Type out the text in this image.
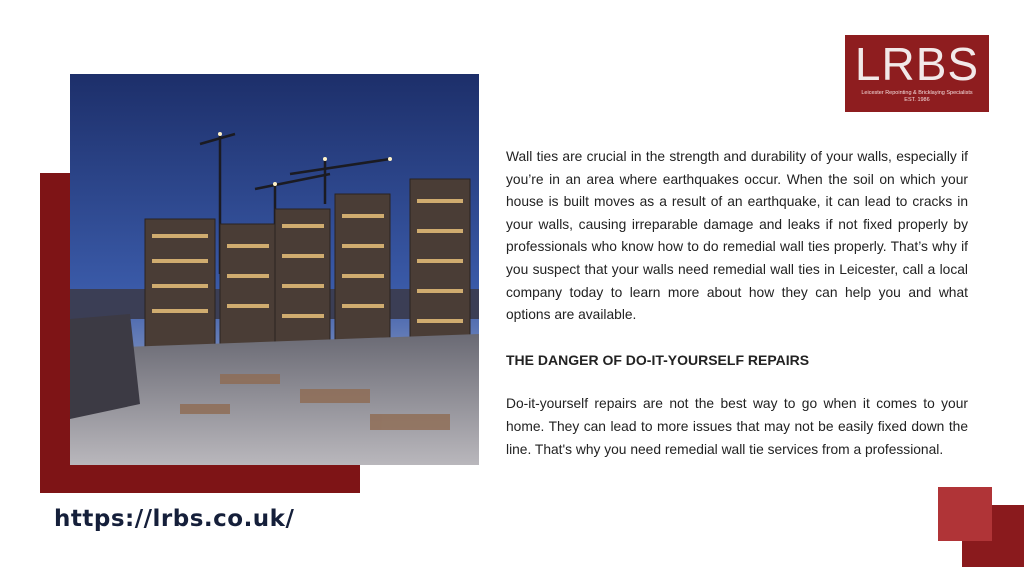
LRBS
Leicester Repointing & Bricklaying Specialists
EST. 1986

Wall ties are crucial in the strength and durability of your walls, especially if you’re in an area where earthquakes occur. When the soil on which your house is built moves as a result of an earthquake, it can lead to cracks in your walls, causing irreparable damage and leaks if not fixed properly by professionals who know how to do remedial wall ties properly. That’s why if you suspect that your walls need remedial wall ties in Leicester, call a local company today to learn more about how they can help you and what options are available.

THE DANGER OF DO-IT-YOURSELF REPAIRS

Do-it-yourself repairs are not the best way to go when it comes to your home. They can lead to more issues that may not be easily fixed down the line. That's why you need remedial wall tie services from a professional.

https://lrbs.co.uk/
